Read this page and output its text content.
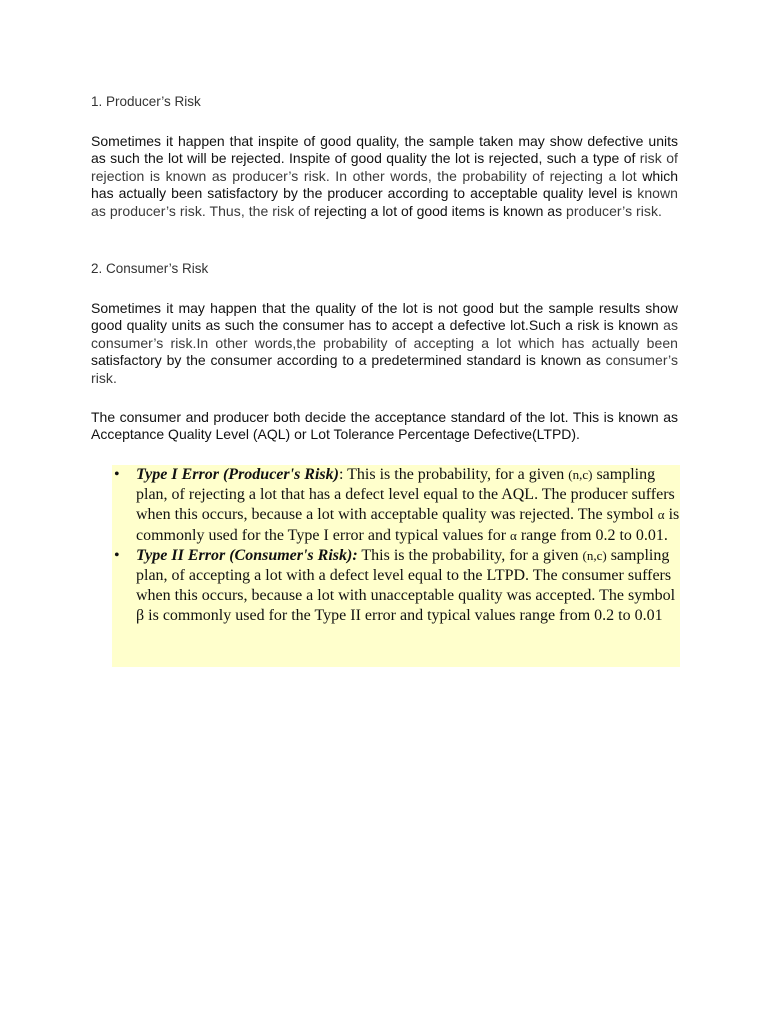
1. Producer’s Risk

Sometimes it happen that inspite of good quality, the sample taken may show defective units as such the lot will be rejected. Inspite of good quality the lot is rejected, such a type of risk of rejection is known as producer’s risk. In other words, the probability of rejecting a lot which has actually been satisfactory by the producer according to acceptable quality level is known as producer’s risk. Thus, the risk of rejecting a lot of good items is known as producer’s risk.

2. Consumer’s Risk

Sometimes it may happen that the quality of the lot is not good but the sample results show good quality units as such the consumer has to accept a defective lot.Such a risk is known as consumer’s risk.In other words,the probability of accepting a lot which has actually been satisfactory by the consumer according to a predetermined standard is known as consumer’s risk.

The consumer and producer both decide the acceptance standard of the lot. This is known as Acceptance Quality Level (AQL) or Lot Tolerance Percentage Defective(LTPD).

• Type I Error (Producer's Risk): This is the probability, for a given (n,c) sampling plan, of rejecting a lot that has a defect level equal to the AQL. The producer suffers when this occurs, because a lot with acceptable quality was rejected. The symbol α is commonly used for the Type I error and typical values for α range from 0.2 to 0.01.
• Type II Error (Consumer's Risk): This is the probability, for a given (n,c) sampling plan, of accepting a lot with a defect level equal to the LTPD. The consumer suffers when this occurs, because a lot with unacceptable quality was accepted. The symbol β is commonly used for the Type II error and typical values range from 0.2 to 0.01
